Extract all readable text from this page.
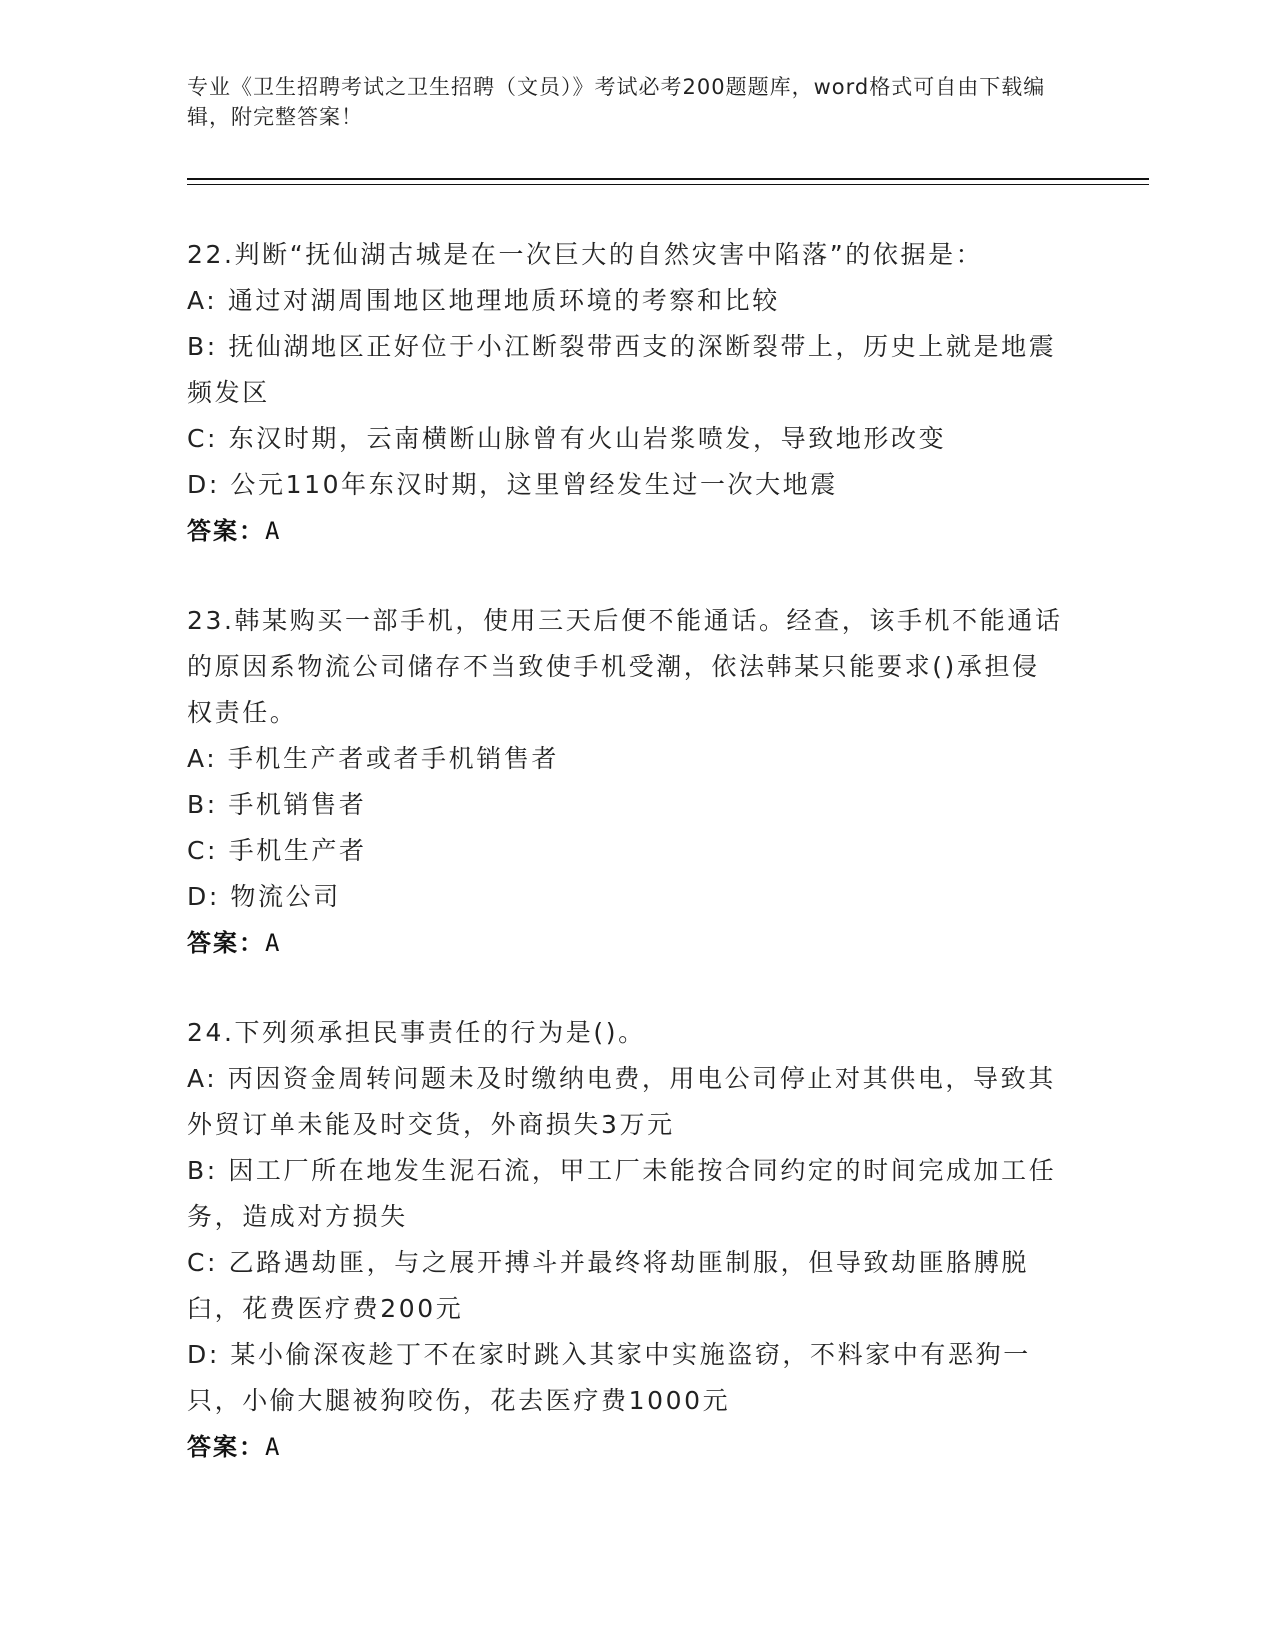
专业《卫生招聘考试之卫生招聘（文员）》考试必考200题题库，word格式可自由下载编辑，附完整答案！

22.判断“抚仙湖古城是在一次巨大的自然灾害中陷落”的依据是：

A: 通过对湖周围地区地理地质环境的考察和比较

B: 抚仙湖地区正好位于小江断裂带西支的深断裂带上，历史上就是地震频发区

C: 东汉时期，云南横断山脉曾有火山岩浆喷发，导致地形改变

D: 公元110年东汉时期，这里曾经发生过一次大地震

答案：A

23.韩某购买一部手机，使用三天后便不能通话。经查，该手机不能通话的原因系物流公司储存不当致使手机受潮，依法韩某只能要求()承担侵权责任。

A: 手机生产者或者手机销售者

B: 手机销售者

C: 手机生产者

D: 物流公司

答案：A

24.下列须承担民事责任的行为是()。

A: 丙因资金周转问题未及时缴纳电费，用电公司停止对其供电，导致其外贸订单未能及时交货，外商损失3万元

B: 因工厂所在地发生泥石流，甲工厂未能按合同约定的时间完成加工任务，造成对方损失

C: 乙路遇劫匪，与之展开搏斗并最终将劫匪制服，但导致劫匪胳膊脱臼，花费医疗费200元

D: 某小偷深夜趁丁不在家时跳入其家中实施盗窃，不料家中有恶狗一只，小偷大腿被狗咬伤，花去医疗费1000元

答案：A
